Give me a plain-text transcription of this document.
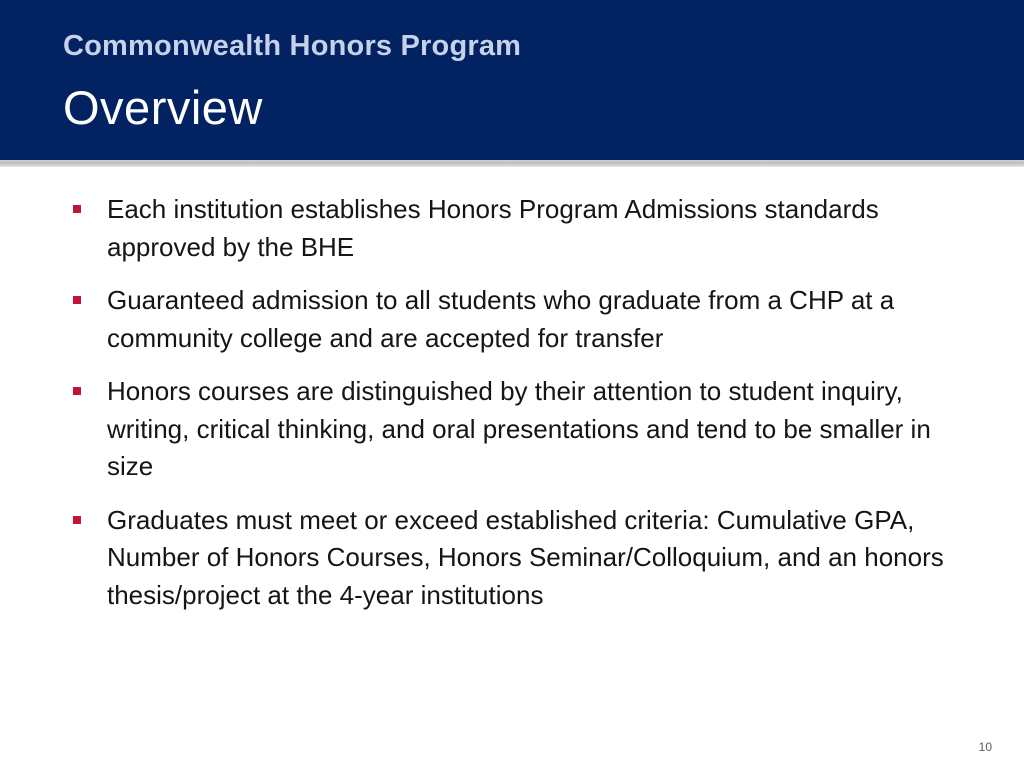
Commonwealth Honors Program
Overview
Each institution establishes Honors Program Admissions standards approved by the BHE
Guaranteed admission to all students who graduate from a CHP at a community college and are accepted for transfer
Honors courses are distinguished by their attention to student inquiry, writing, critical thinking, and oral presentations and tend to be smaller in size
Graduates must meet or exceed established criteria: Cumulative GPA, Number of Honors Courses, Honors Seminar/Colloquium, and an honors thesis/project at the 4-year institutions
10
